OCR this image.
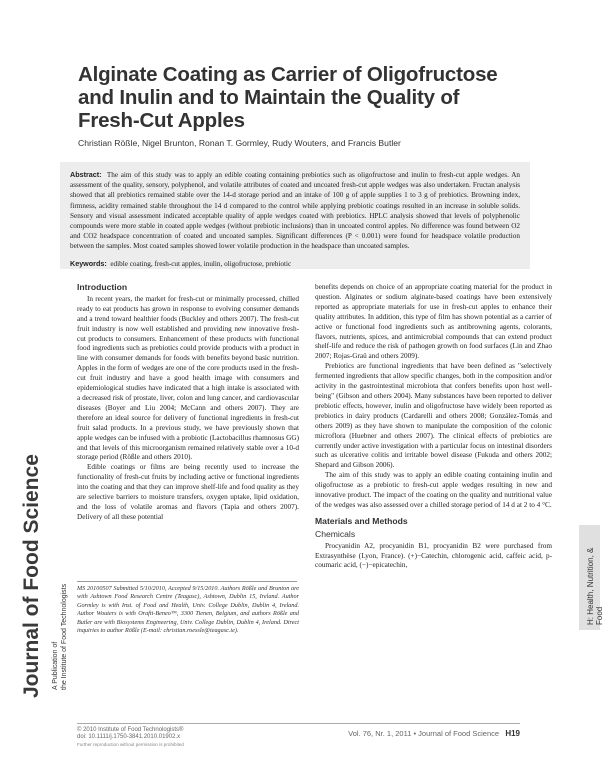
Alginate Coating as Carrier of Oligofructose
and Inulin and to Maintain the Quality of
Fresh-Cut Apples
Christian Rößle, Nigel Brunton, Ronan T. Gormley, Rudy Wouters, and Francis Butler
Abstract: The aim of this study was to apply an edible coating containing prebiotics such as oligofructose and inulin to fresh-cut apple wedges. An assessment of the quality, sensory, polyphenol, and volatile attributes of coated and uncoated fresh-cut apple wedges was also undertaken. Fructan analysis showed that all prebiotics remained stable over the 14-d storage period and an intake of 100 g of apple supplies 1 to 3 g of prebiotics. Browning index, firmness, acidity remained stable throughout the 14 d compared to the control while applying prebiotic coatings resulted in an increase in soluble solids. Sensory and visual assessment indicated acceptable quality of apple wedges coated with prebiotics. HPLC analysis showed that levels of polyphenolic compounds were more stable in coated apple wedges (without prebiotic inclusions) than in uncoated control apples. No difference was found between O2 and CO2 headspace concentration of coated and uncoated samples. Significant differences (P < 0.001) were found for headspace volatile production between the samples. Most coated samples showed lower volatile production in the headspace than uncoated samples.
Keywords: edible coating, fresh-cut apples, inulin, oligofructose, prebiotic
Journal of Food Science A Publication of the Institute of Food Technologists
Introduction

In recent years, the market for fresh-cut or minimally processed, chilled ready to eat products has grown in response to evolving consumer demands and a trend toward healthier foods (Buckley and others 2007). The fresh-cut fruit industry is now well established and providing new innovative fresh-cut products to consumers. Enhancement of these products with functional food ingredients such as prebiotics could provide products with a product in line with consumer demands for foods with benefits beyond basic nutrition. Apples in the form of wedges are one of the core products used in the fresh-cut fruit industry and have a good health image with consumers and epidemiological studies have indicated that a high intake is associated with a decreased risk of prostate, liver, colon and lung cancer, and cardiovascular diseases (Boyer and Liu 2004; McCann and others 2007). They are therefore an ideal source for delivery of functional ingredients in fresh-cut fruit salad products. In a previous study, we have previously shown that apple wedges can be infused with a probiotic (Lactobacillus rhamnosus GG) and that levels of this microorganism remained relatively stable over a 10-d storage period (Rößle and others 2010).

Edible coatings or films are being recently used to increase the functionality of fresh-cut fruits by including active or functional ingredients into the coating and that they can improve shelf-life and food quality as they are selective barriers to moisture transfers, oxygen uptake, lipid oxidation, and the loss of volatile aromas and flavors (Tapia and others 2007). Delivery of all these potential

MS 20100507 Submitted 5/10/2010, Accepted 9/15/2010. Authors Rößle and Brunton are with Ashtown Food Research Centre (Teagasc), Ashtown, Dublin 15, Ireland. Author Gormley is with Inst. of Food and Health, Univ. College Dublin, Dublin 4, Ireland. Author Wouters is with Orafti-Beneo™, 3300 Tienen, Belgium, and authors Rößle and Butler are with Biosystems Engineering, Univ. College Dublin, Dublin 4, Ireland. Direct inquiries to author Rößle (E-mail: christian.roessle@teagasc.ie).

benefits depends on choice of an appropriate coating material for the product in question. Alginates or sodium alginate-based coatings have been extensively reported as appropriate materials for use in fresh-cut apples to enhance their quality attributes. In addition, this type of film has shown potential as a carrier of active or functional food ingredients such as antibrowning agents, colorants, flavors, nutrients, spices, and antimicrobial compounds that can extend product shelf-life and reduce the risk of pathogen growth on food surfaces (Lin and Zhao 2007; Rojas-Graü and others 2009).

Prebiotics are functional ingredients that have been defined as "selectively fermented ingredients that allow specific changes, both in the composition and/or activity in the gastrointestinal microbiota that confers benefits upon host well-being" (Gibson and others 2004). Many substances have been reported to deliver prebiotic effects, however, inulin and oligofructose have widely been reported as prebiotics in dairy products (Cardarelli and others 2008; González-Tomás and others 2009) as they have shown to manipulate the composition of the colonic microflora (Huebner and others 2007). The clinical effects of prebiotics are currently under active investigation with a particular focus on intestinal disorders such as ulcerative colitis and irritable bowel disease (Fukuda and others 2002; Shepard and Gibson 2006).

The aim of this study was to apply an edible coating containing inulin and oligofructose as a prebiotic to fresh-cut apple wedges resulting in new and innovative product. The impact of the coating on the quality and nutritional value of the wedges was also assessed over a chilled storage period of 14 d at 2 to 4 °C.

Materials and Methods
Chemicals

Procyanidin A2, procyanidin B1, procyanidin B2 were purchased from Extrasynthèse (Lyon, France). (+)−Catechin, chlorogenic acid, caffeic acid, p-coumaric acid, (−)−epicatechin,	H: Health, Nutrition, & Food
© 2010 Institute of Food Technologists®
doi: 10.1111/j.1750-3841.2010.01902.x
Further reproduction without permission is prohibited
Vol. 76, Nr. 1, 2011 • Journal of Food Science H19
